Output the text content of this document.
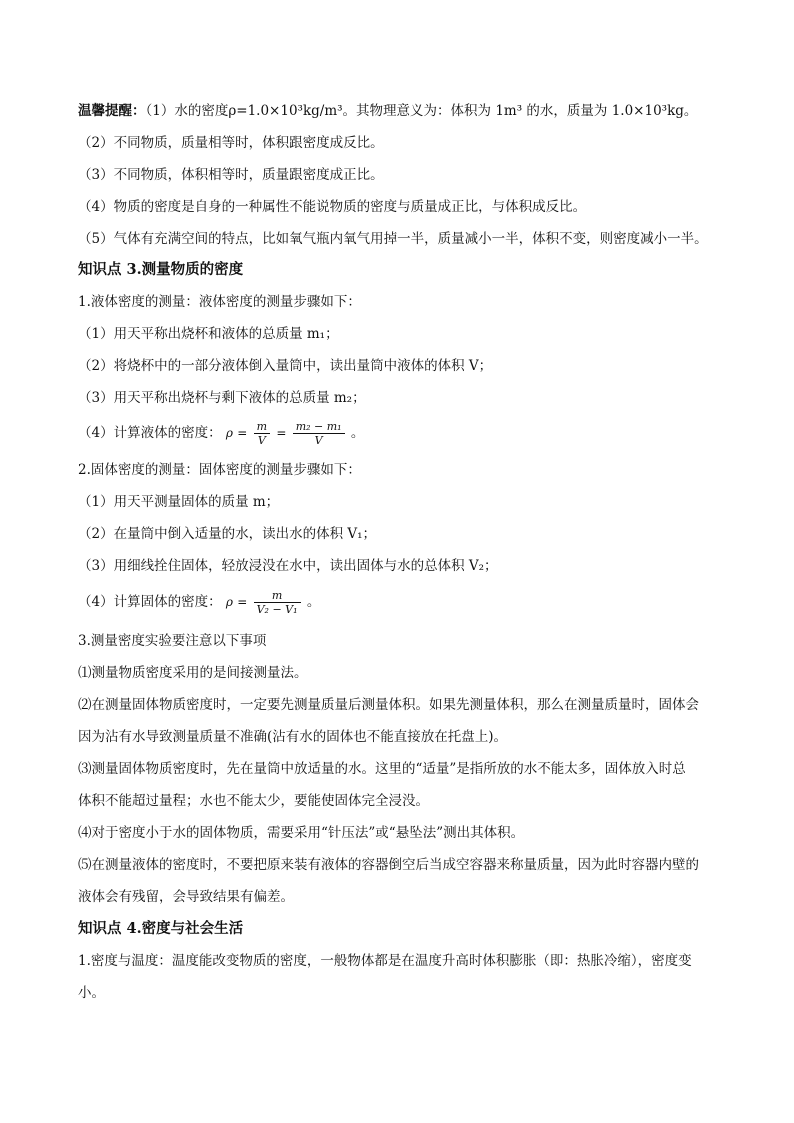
温馨提醒：（1）水的密度ρ=1.0×10³kg/m³。其物理意义为：体积为 1m³ 的水，质量为 1.0×10³kg。
（2）不同物质，质量相等时，体积跟密度成反比。
（3）不同物质，体积相等时，质量跟密度成正比。
（4）物质的密度是自身的一种属性不能说物质的密度与质量成正比，与体积成反比。
（5）气体有充满空间的特点，比如氧气瓶内氧气用掉一半，质量减小一半，体积不变，则密度减小一半。
知识点 3.测量物质的密度
1.液体密度的测量：液体密度的测量步骤如下：
（1）用天平称出烧杯和液体的总质量 m₁；
（2）将烧杯中的一部分液体倒入量筒中，读出量筒中液体的体积 V；
（3）用天平称出烧杯与剩下液体的总质量 m₂；
（4）计算液体的密度： $\rho = \frac{m}{V} = \frac{\text{m₂ − m₁}}{V}$ 。
2.固体密度的测量：固体密度的测量步骤如下：
（1）用天平测量固体的质量 m；
（2）在量筒中倒入适量的水，读出水的体积 V₁；
（3）用细线拴住固体，轻放浸没在水中，读出固体与水的总体积 V₂；
（4）计算固体的密度： $\rho = \frac{m}{\text{V₂ − V₁}}$ 。
3.测量密度实验要注意以下事项
⑴测量物质密度采用的是间接测量法。
⑵在测量固体物质密度时，一定要先测量质量后测量体积。如果先测量体积，那么在测量质量时，固体会
因为沾有水导致测量质量不准确(沾有水的固体也不能直接放在托盘上)。
⑶测量固体物质密度时，先在量筒中放适量的水。这里的“适量”是指所放的水不能太多，固体放入时总
体积不能超过量程；水也不能太少，要能使固体完全浸没。
⑷对于密度小于水的固体物质，需要采用“针压法”或“悬坠法”测出其体积。
⑸在测量液体的密度时，不要把原来装有液体的容器倒空后当成空容器来称量质量，因为此时容器内壁的
液体会有残留，会导致结果有偏差。
知识点 4.密度与社会生活
1.密度与温度：温度能改变物质的密度，一般物体都是在温度升高时体积膨胀（即：热胀冷缩），密度变
小。
